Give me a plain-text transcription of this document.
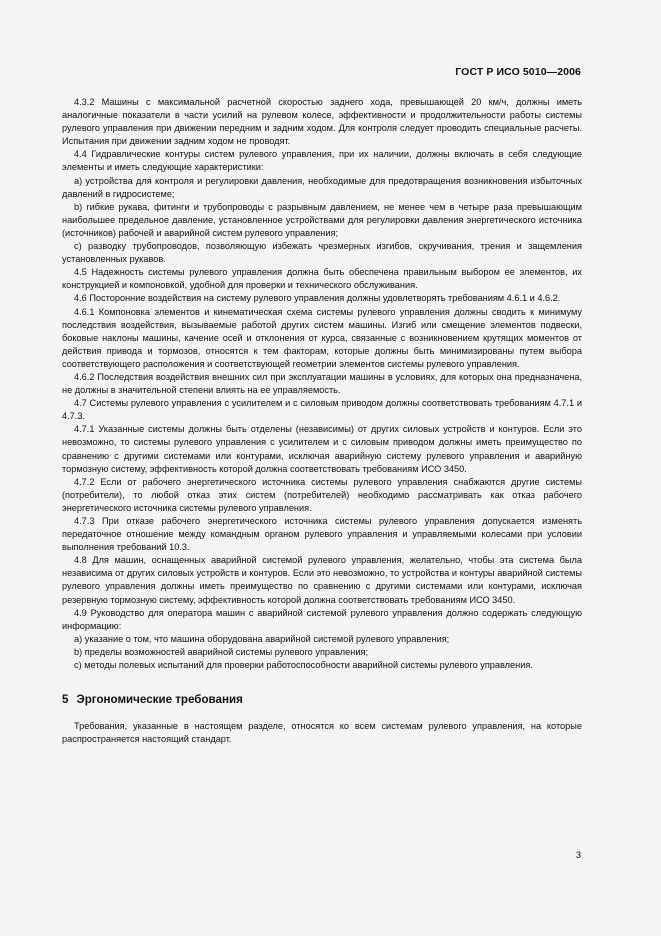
ГОСТ Р ИСО 5010—2006

4.3.2 Машины с максимальной расчетной скоростью заднего хода, превышающей 20 км/ч, должны иметь аналогичные показатели в части усилий на рулевом колесе, эффективности и продолжительности работы системы рулевого управления при движении передним и задним ходом. Для контроля следует проводить специальные расчеты. Испытания при движении задним ходом не проводят.

4.4 Гидравлические контуры систем рулевого управления, при их наличии, должны включать в себя следующие элементы и иметь следующие характеристики:

a) устройства для контроля и регулировки давления, необходимые для предотвращения возникновения избыточных давлений в гидросистеме;

b) гибкие рукава, фитинги и трубопроводы с разрывным давлением, не менее чем в четыре раза превышающим наибольшее предельное давление, установленное устройствами для регулировки давления энергетического источника (источников) рабочей и аварийной систем рулевого управления;

c) разводку трубопроводов, позволяющую избежать чрезмерных изгибов, скручивания, трения и защемления установленных рукавов.

4.5 Надежность системы рулевого управления должна быть обеспечена правильным выбором ее элементов, их конструкцией и компоновкой, удобной для проверки и технического обслуживания.

4.6 Посторонние воздействия на систему рулевого управления должны удовлетворять требованиям 4.6.1 и 4.6.2.

4.6.1 Компоновка элементов и кинематическая схема системы рулевого управления должны сводить к минимуму последствия воздействия, вызываемые работой других систем машины. Изгиб или смещение элементов подвески, боковые наклоны машины, качение осей и отклонения от курса, связанные с возникновением крутящих моментов от действия привода и тормозов, относятся к тем факторам, которые должны быть минимизированы путем выбора соответствующего расположения и соответствующей геометрии элементов системы рулевого управления.

4.6.2 Последствия воздействия внешних сил при эксплуатации машины в условиях, для которых она предназначена, не должны в значительной степени влиять на ее управляемость.

4.7 Системы рулевого управления с усилителем и с силовым приводом должны соответствовать требованиям 4.7.1 и 4.7.3.

4.7.1 Указанные системы должны быть отделены (независимы) от других силовых устройств и контуров. Если это невозможно, то системы рулевого управления с усилителем и с силовым приводом должны иметь преимущество по сравнению с другими системами или контурами, исключая аварийную систему рулевого управления и аварийную тормозную систему, эффективность которой должна соответствовать требованиям ИСО 3450.

4.7.2 Если от рабочего энергетического источника системы рулевого управления снабжаются другие системы (потребители), то любой отказ этих систем (потребителей) необходимо рассматривать как отказ рабочего энергетического источника системы рулевого управления.

4.7.3 При отказе рабочего энергетического источника системы рулевого управления допускается изменять передаточное отношение между командным органом рулевого управления и управляемыми колесами при условии выполнения требований 10.3.

4.8 Для машин, оснащенных аварийной системой рулевого управления, желательно, чтобы эта система была независима от других силовых устройств и контуров. Если это невозможно, то устройства и контуры аварийной системы рулевого управления должны иметь преимущество по сравнению с другими системами или контурами, исключая резервную тормозную систему, эффективность которой должна соответствовать требованиям ИСО 3450.

4.9 Руководство для оператора машин с аварийной системой рулевого управления должно содержать следующую информацию:

a) указание о том, что машина оборудована аварийной системой рулевого управления;

b) пределы возможностей аварийной системы рулевого управления;

c) методы полевых испытаний для проверки работоспособности аварийной системы рулевого управления.

5 Эргономические требования

Требования, указанные в настоящем разделе, относятся ко всем системам рулевого управления, на которые распространяется настоящий стандарт.

3
